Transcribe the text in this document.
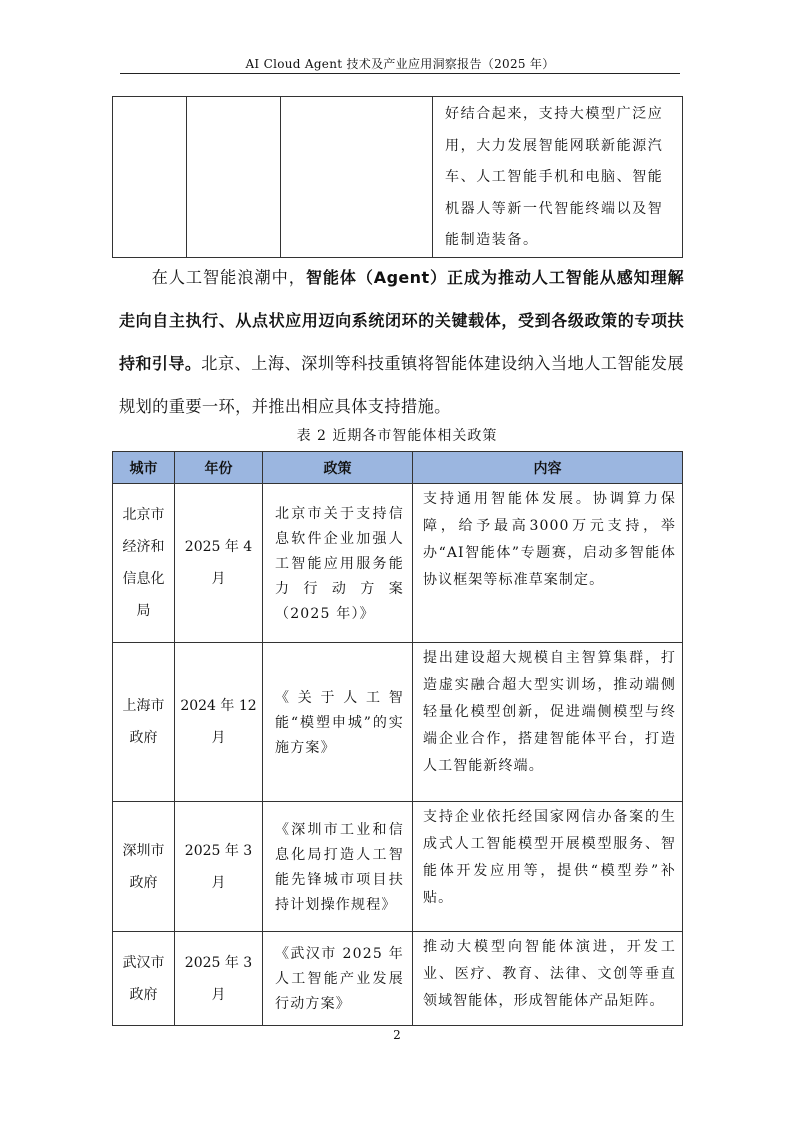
AI Cloud Agent 技术及产业应用洞察报告（2025 年）
			好结合起来，支持大模型广泛应用，大力发展智能网联新能源汽车、人工智能手机和电脑、智能机器人等新一代智能终端以及智能制造装备。
在人工智能浪潮中，智能体（Agent）正成为推动人工智能从感知理解走向自主执行、从点状应用迈向系统闭环的关键载体，受到各级政策的专项扶持和引导。北京、上海、深圳等科技重镇将智能体建设纳入当地人工智能发展规划的重要一环，并推出相应具体支持措施。
表 2 近期各市智能体相关政策
城市	年份	政策	内容
北京市经济和信息化局	2025 年 4 月	北京市关于支持信息软件企业加强人工智能应用服务能力行动方案（2025 年）》	支持通用智能体发展。协调算力保障，给予最高3000万元支持，举办“AI智能体”专题赛，启动多智能体协议框架等标准草案制定。
上海市政府	2024 年 12 月	《关于人工智能“模塑申城”的实施方案》	提出建设超大规模自主智算集群，打造虚实融合超大型实训场，推动端侧轻量化模型创新，促进端侧模型与终端企业合作，搭建智能体平台，打造人工智能新终端。
深圳市政府	2025 年 3 月	《深圳市工业和信息化局打造人工智能先锋城市项目扶持计划操作规程》	支持企业依托经国家网信办备案的生成式人工智能模型开展模型服务、智能体开发应用等，提供“模型券”补贴。
武汉市政府	2025 年 3 月	《武汉市 2025 年人工智能产业发展行动方案》	推动大模型向智能体演进，开发工业、医疗、教育、法律、文创等垂直领域智能体，形成智能体产品矩阵。
2
